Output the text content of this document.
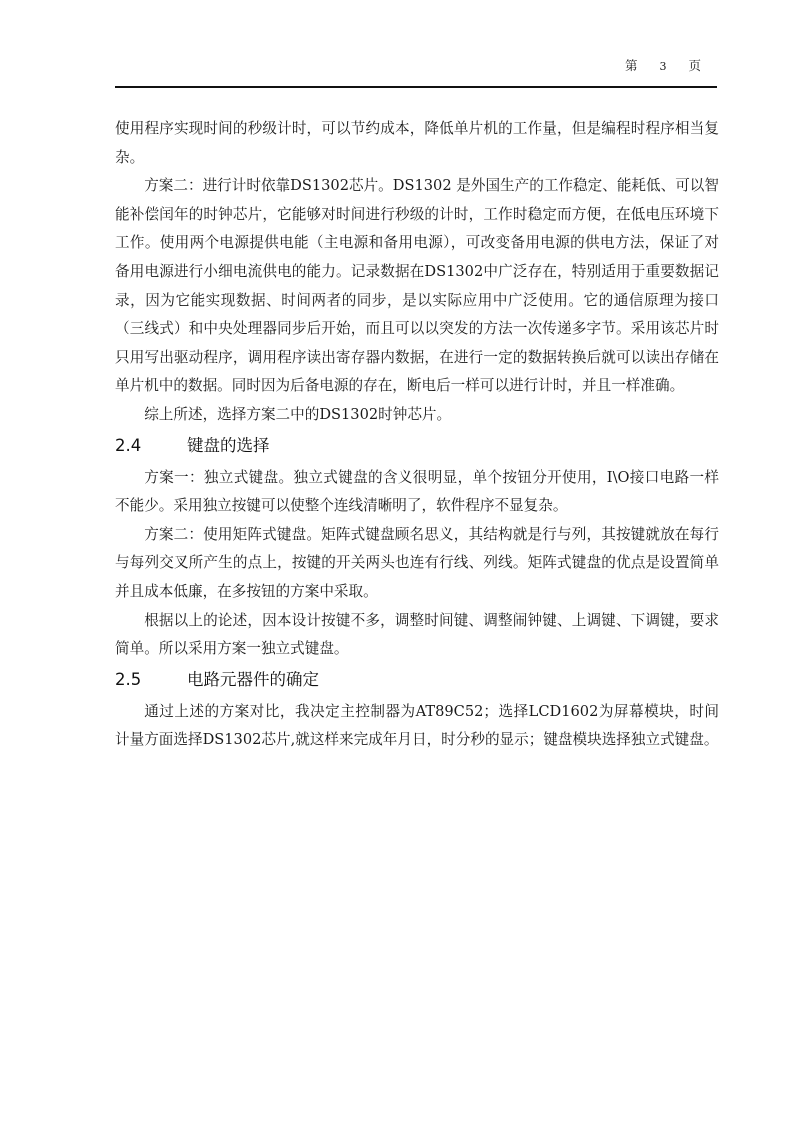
第 3 页

使用程序实现时间的秒级计时，可以节约成本，降低单片机的工作量，但是编程时程序相当复杂。

方案二：进行计时依靠DS1302芯片。DS1302 是外国生产的工作稳定、能耗低、可以智能补偿闰年的时钟芯片，它能够对时间进行秒级的计时，工作时稳定而方便，在低电压环境下工作。使用两个电源提供电能（主电源和备用电源），可改变备用电源的供电方法，保证了对备用电源进行小细电流供电的能力。记录数据在DS1302中广泛存在，特别适用于重要数据记录，因为它能实现数据、时间两者的同步，是以实际应用中广泛使用。它的通信原理为接口（三线式）和中央处理器同步后开始，而且可以以突发的方法一次传递多字节。采用该芯片时只用写出驱动程序，调用程序读出寄存器内数据，在进行一定的数据转换后就可以读出存储在单片机中的数据。同时因为后备电源的存在，断电后一样可以进行计时，并且一样准确。

综上所述，选择方案二中的DS1302时钟芯片。

2.4	键盘的选择

方案一：独立式键盘。独立式键盘的含义很明显，单个按钮分开使用，I\O接口电路一样不能少。采用独立按键可以使整个连线清晰明了，软件程序不显复杂。

方案二：使用矩阵式键盘。矩阵式键盘顾名思义，其结构就是行与列，其按键就放在每行与每列交叉所产生的点上，按键的开关两头也连有行线、列线。矩阵式键盘的优点是设置简单并且成本低廉，在多按钮的方案中采取。

根据以上的论述，因本设计按键不多，调整时间键、调整闹钟键、上调键、下调键，要求简单。所以采用方案一独立式键盘。

2.5	电路元器件的确定

通过上述的方案对比，我决定主控制器为AT89C52；选择LCD1602为屏幕模块，时间计量方面选择DS1302芯片,就这样来完成年月日，时分秒的显示；键盘模块选择独立式键盘。
